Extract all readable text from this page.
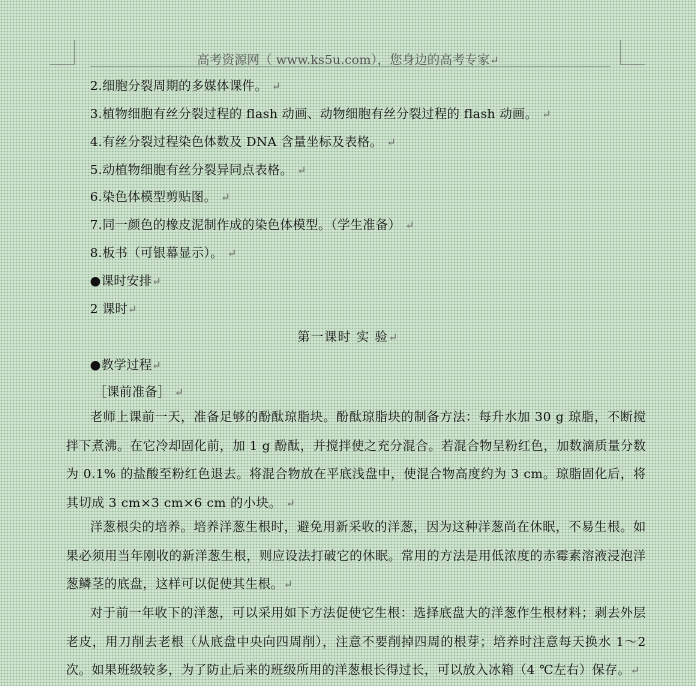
高考资源网（ www.ks5u.com），您身边的高考专家↵
2.细胞分裂周期的多媒体课件。 ↵
3.植物细胞有丝分裂过程的 flash 动画、动物细胞有丝分裂过程的 flash 动画。 ↵
4.有丝分裂过程染色体数及 DNA 含量坐标及表格。 ↵
5.动植物细胞有丝分裂异同点表格。 ↵
6.染色体模型剪贴图。 ↵
7.同一颜色的橡皮泥制作成的染色体模型。（学生准备） ↵
8.板书（可银幕显示）。 ↵
●课时安排↵
2 课时↵
第一课时 实 验↵
●教学过程↵
［课前准备］ ↵
老师上课前一天，准备足够的酚酞琼脂块。酚酞琼脂块的制备方法：每升水加 30 g 琼脂，不断搅拌下煮沸。在它冷却固化前，加 1 g 酚酞，并搅拌使之充分混合。若混合物呈粉红色，加数滴质量分数为 0.1% 的盐酸至粉红色退去。将混合物放在平底浅盘中，使混合物高度约为 3 cm。琼脂固化后，将其切成 3 cm×3 cm×6 cm 的小块。 ↵
洋葱根尖的培养。培养洋葱生根时，避免用新采收的洋葱，因为这种洋葱尚在休眠，不易生根。如果必须用当年刚收的新洋葱生根，则应设法打破它的休眠。常用的方法是用低浓度的赤霉素溶液浸泡洋葱鳞茎的底盘，这样可以促使其生根。↵
对于前一年收下的洋葱，可以采用如下方法促使它生根：选择底盘大的洋葱作生根材料；剥去外层老皮，用刀削去老根（从底盘中央向四周削），注意不要削掉四周的根芽；培养时注意每天换水 1～2 次。如果班级较多，为了防止后来的班级所用的洋葱根长得过长，可以放入冰箱（4 ℃左右）保存。↵
